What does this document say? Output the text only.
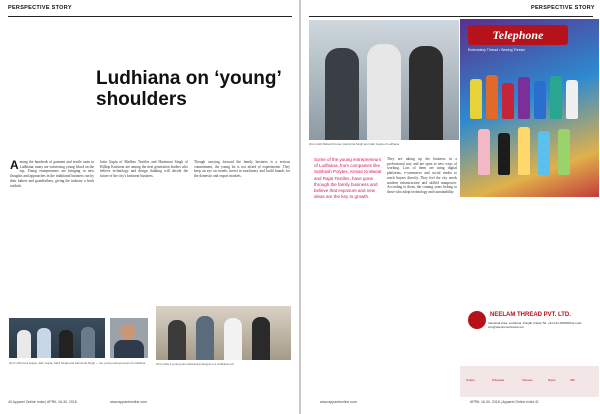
PERSPECTIVE STORY
Ludhiana on ‘young’ shoulders
A mong the hundreds of garment and textile units in Ludhiana, many are witnessing young blood on the top. Young entrepreneurs are bringing in new thoughts and approaches in the traditional business run by their fathers and grandfathers, giving the industry a fresh outlook.
Jatin Gupta of Madhav Textiles and Harsimrat Singh of Hilltop Knitwear are among the next generation leaders who believe technology and design thinking will decide the future of the city's knitwear business.
Though carrying forward the family business is a serious commitment, the young lot is not afraid of experiments. They keep an eye on trends, invest in machinery and build brands for the domestic and export markets.
(From left) Amit Gupta, Jatin Gupta, Sahil Singla and Harsimrat Singh — the young entrepreneurs of Ludhiana	(From left) A young team discussing designs in a Ludhiana unit
40 Apparel Online India | APRIL 16-30, 2018	www.apparelonline.com
PERSPECTIVE STORY
(From left) Mahesh Kumar, Harsimrat Singh and Jatin Gupta of Ludhiana
Some of the young entrepreneurs of Ludhiana, from companies like Subhash Polytex, Kesari Knitwear and Rajat Textiles, have gone through the family business and believe that exposure and new ideas are the key to growth.
They are taking up the business in a professional way and are open to new ways of working. Lots of them are using digital platforms, e-commerce and social media to reach buyers directly. They feel the city needs modern infrastructure and skilled manpower. According to them, the coming years belong to those who adopt technology and sustainability.
Telephone
Embroidery Thread • Sewing Thread
NEELAM THREAD PVT. LTD.
Industrial Area, Ludhiana, Punjab (India) Tel: +91-161-0000000 E-mail: info@telephonethread.com
Cotton	Polyester	Viscose	Nylon	Silk
www.apparelonline.com	APRIL 16-30, 2018 | Apparel Online India 41
